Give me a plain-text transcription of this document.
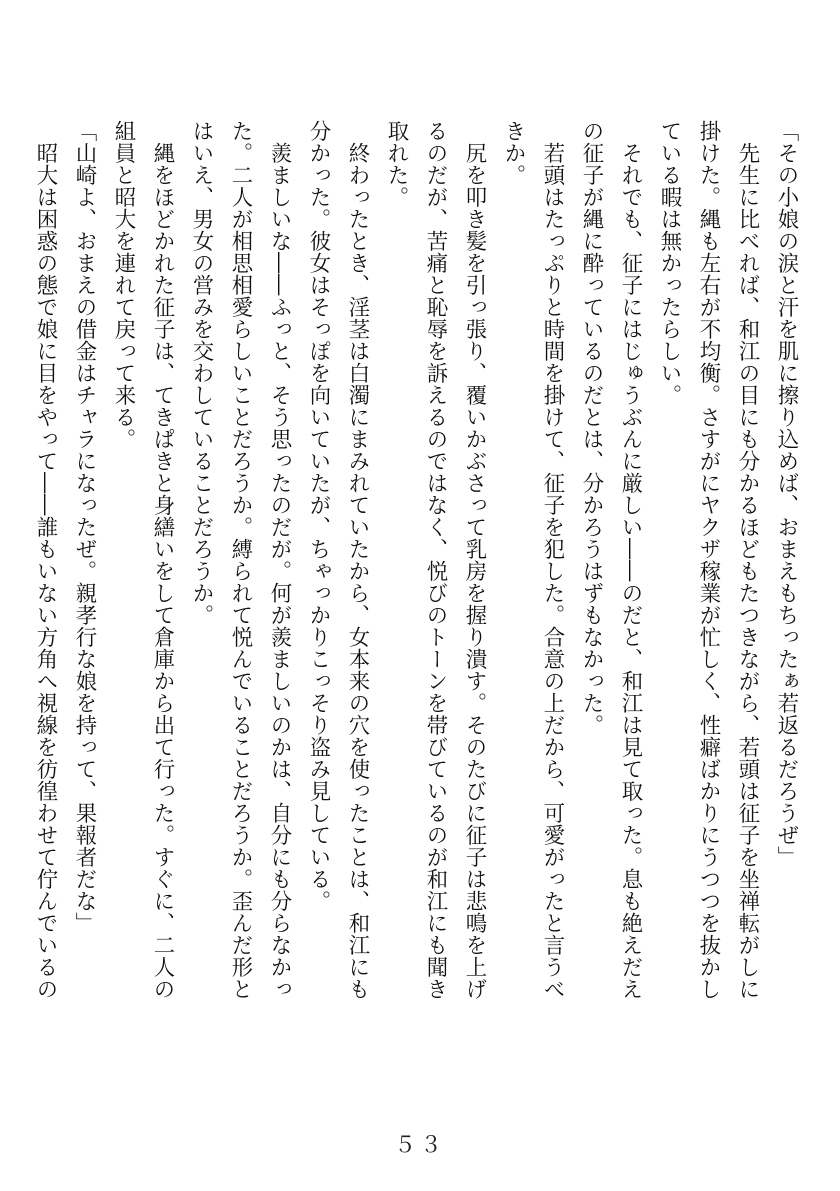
「その小娘の涙と汗を肌に擦り込めば、おまえもちったぁ若返るだろうぜ」
　先生に比べれば、和江の目にも分かるほどもたつきながら、若頭は征子を坐禅転がしに
掛けた。縄も左右が不均衡。さすがにヤクザ稼業が忙しく、性癖ばかりにうつつを抜かし
ている暇は無かったらしい。
　それでも、征子にはじゅうぶんに厳しい――のだと、和江は見て取った。息も絶えだえ
の征子が縄に酔っているのだとは、分かろうはずもなかった。
　若頭はたっぷりと時間を掛けて、征子を犯した。合意の上だから、可愛がったと言うべ
きか。
　尻を叩き髪を引っ張り、覆いかぶさって乳房を握り潰す。そのたびに征子は悲鳴を上げ
るのだが、苦痛と恥辱を訴えるのではなく、悦びのトーンを帯びているのが和江にも聞き
取れた。
　終わったとき、淫茎は白濁にまみれていたから、女本来の穴を使ったことは、和江にも
分かった。彼女はそっぽを向いていたが、ちゃっかりこっそり盗み見している。
　羨ましいな――ふっと、そう思ったのだが。何が羨ましいのかは、自分にも分らなかっ
た。二人が相思相愛らしいことだろうか。縛られて悦んでいることだろうか。歪んだ形と
はいえ、男女の営みを交わしていることだろうか。
　縄をほどかれた征子は、てきぱきと身繕いをして倉庫から出て行った。すぐに、二人の
組員と昭大を連れて戻って来る。
「山崎よ、おまえの借金はチャラになったぜ。親孝行な娘を持って、果報者だな」
　昭大は困惑の態で娘に目をやって――誰もいない方角へ視線を彷徨わせて佇んでいるの
５３
